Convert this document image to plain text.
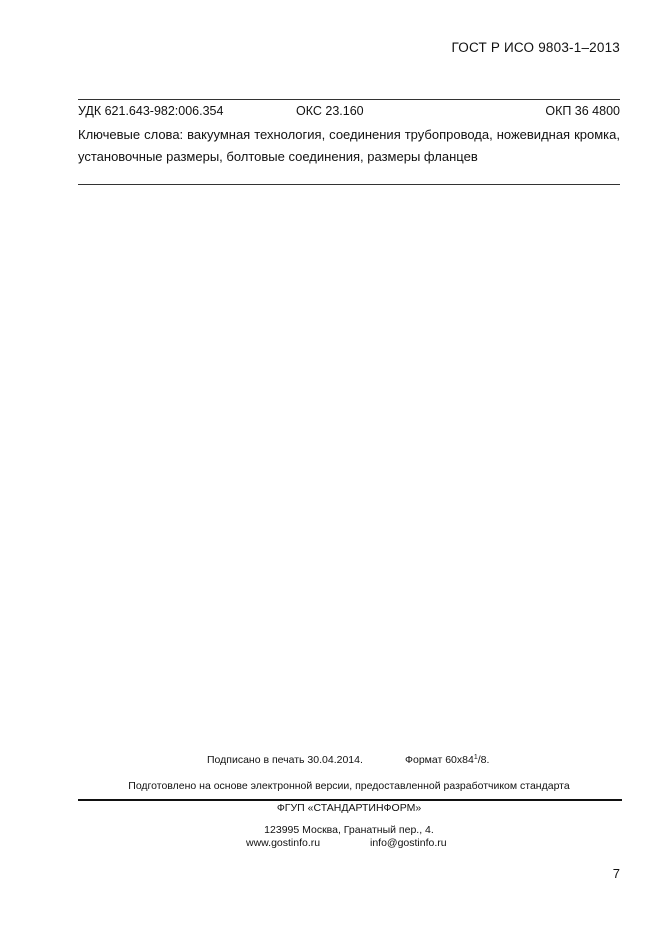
ГОСТ Р ИСО 9803-1–2013
УДК 621.643-982:006.354	ОКС 23.160	ОКП 36 4800
Ключевые слова: вакуумная технология, соединения трубопровода, ножевидная кромка, установочные размеры, болтовые соединения, размеры фланцев
Подписано в печать 30.04.2014.	Формат $60x84^1/8$.
Подготовлено на основе электронной версии, предоставленной разработчиком стандарта
ФГУП «СТАНДАРТИНФОРМ»
123995 Москва, Гранатный пер., 4.
www.gostinfo.ru	info@gostinfo.ru
7
